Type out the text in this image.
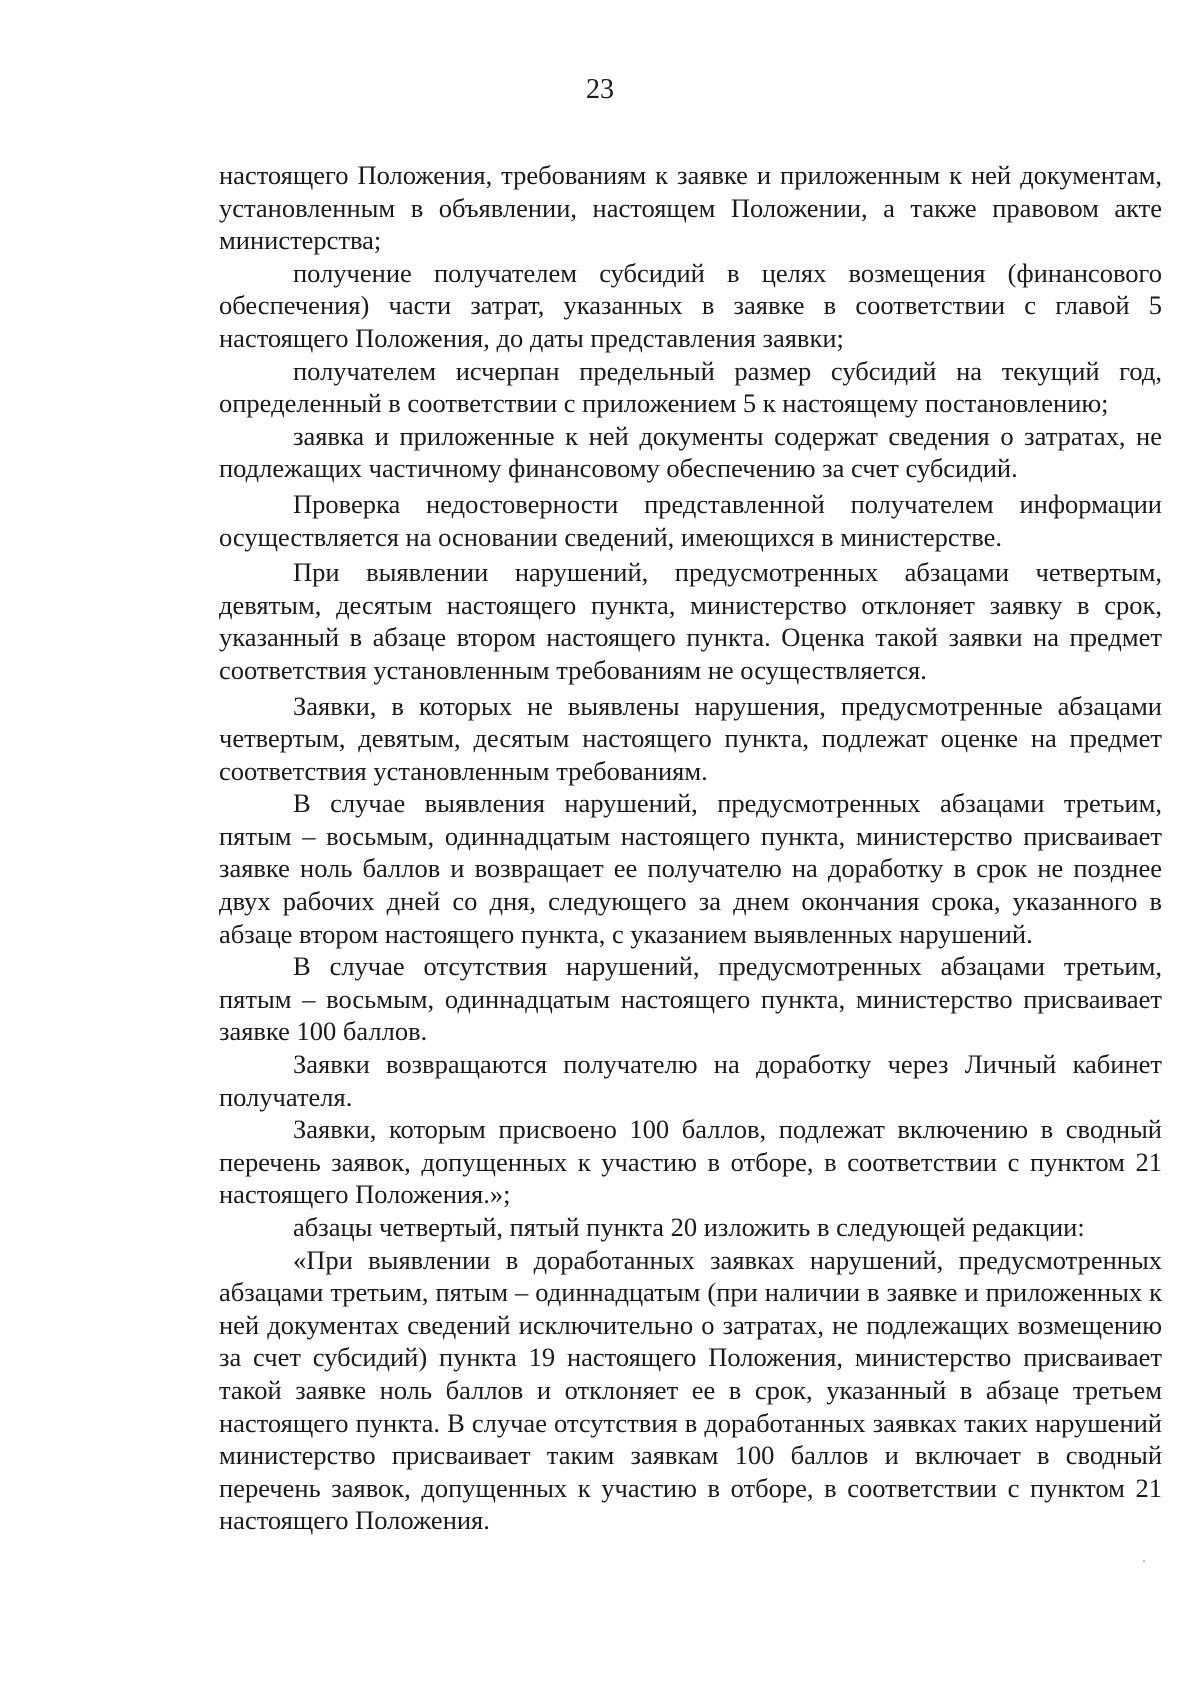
23

настоящего Положения, требованиям к заявке и приложенным к ней документам, установленным в объявлении, настоящем Положении, а также правовом акте министерства;

получение получателем субсидий в целях возмещения (финансового обеспечения) части затрат, указанных в заявке в соответствии с главой 5 настоящего Положения, до даты представления заявки;

получателем исчерпан предельный размер субсидий на текущий год, определенный в соответствии с приложением 5 к настоящему постановлению;

заявка и приложенные к ней документы содержат сведения о затратах, не подлежащих частичному финансовому обеспечению за счет субсидий.

Проверка недостоверности представленной получателем информации осуществляется на основании сведений, имеющихся в министерстве.

При выявлении нарушений, предусмотренных абзацами четвертым, девятым, десятым настоящего пункта, министерство отклоняет заявку в срок, указанный в абзаце втором настоящего пункта. Оценка такой заявки на предмет соответствия установленным требованиям не осуществляется.

Заявки, в которых не выявлены нарушения, предусмотренные абзацами четвертым, девятым, десятым настоящего пункта, подлежат оценке на предмет соответствия установленным требованиям.

В случае выявления нарушений, предусмотренных абзацами третьим, пятым – восьмым, одиннадцатым настоящего пункта, министерство присваивает заявке ноль баллов и возвращает ее получателю на доработку в срок не позднее двух рабочих дней со дня, следующего за днем окончания срока, указанного в абзаце втором настоящего пункта, с указанием выявленных нарушений.

В случае отсутствия нарушений, предусмотренных абзацами третьим, пятым – восьмым, одиннадцатым настоящего пункта, министерство присваивает заявке 100 баллов.

Заявки возвращаются получателю на доработку через Личный кабинет получателя.

Заявки, которым присвоено 100 баллов, подлежат включению в сводный перечень заявок, допущенных к участию в отборе, в соответствии с пунктом 21 настоящего Положения.»;

абзацы четвертый, пятый пункта 20 изложить в следующей редакции:

«При выявлении в доработанных заявках нарушений, предусмотренных абзацами третьим, пятым – одиннадцатым (при наличии в заявке и приложенных к ней документах сведений исключительно о затратах, не подлежащих возмещению за счет субсидий) пункта 19 настоящего Положения, министерство присваивает такой заявке ноль баллов и отклоняет ее в срок, указанный в абзаце третьем настоящего пункта. В случае отсутствия в доработанных заявках таких нарушений министерство присваивает таким заявкам 100 баллов и включает в сводный перечень заявок, допущенных к участию в отборе, в соответствии с пунктом 21 настоящего Положения.
